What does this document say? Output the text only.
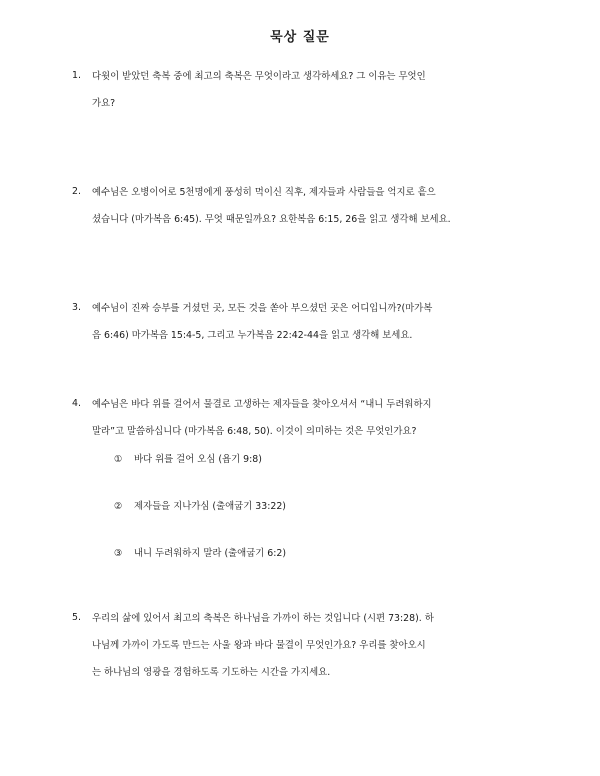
묵상 질문
1.	다윗이 받았던 축복 중에 최고의 축복은 무엇이라고 생각하세요? 그 이유는 무엇인
가요?
2.	예수님은 오병이어로 5천명에게 풍성히 먹이신 직후, 제자들과 사람들을 억지로 흩으
셨습니다 (마가복음 6:45). 무엇 때문일까요? 요한복음 6:15, 26을 읽고 생각해 보세요.
3.	예수님이 진짜 승부를 거셨던 곳, 모든 것을 쏟아 부으셨던 곳은 어디입니까?(마가복
음 6:46) 마가복음 15:4-5, 그리고 누가복음 22:42-44을 읽고 생각해 보세요.
4.	예수님은 바다 위를 걸어서 물결로 고생하는 제자들을 찾아오셔서 “내니 두려워하지
말라”고 말씀하십니다 (마가복음 6:48, 50). 이것이 의미하는 것은 무엇인가요?
① 바다 위를 걸어 오심 (욥기 9:8)
② 제자들을 지나가심 (출애굽기 33:22)
③ 내니 두려워하지 말라 (출애굽기 6:2)
5.	우리의 삶에 있어서 최고의 축복은 하나님을 가까이 하는 것입니다 (시편 73:28). 하
나님께 가까이 가도록 만드는 사울 왕과 바다 물결이 무엇인가요? 우리를 찾아오시
는 하나님의 영광을 경험하도록 기도하는 시간을 가지세요.
